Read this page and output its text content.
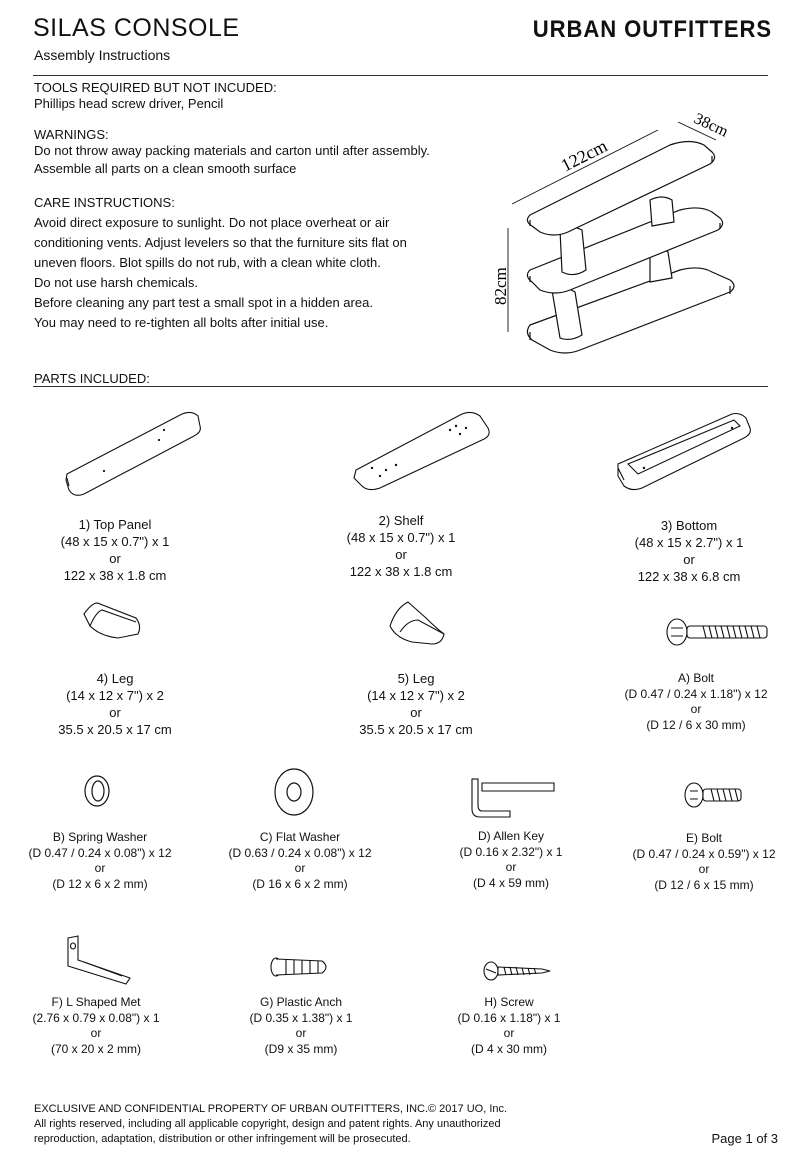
SILAS CONSOLE
Assembly Instructions
URBAN OUTFITTERS
TOOLS REQUIRED BUT NOT INCUDED:
Phillips head screw driver, Pencil
WARNINGS:
Do not throw away packing materials and carton until after assembly.
Assemble all parts on a clean smooth surface
CARE INSTRUCTIONS:

Avoid direct exposure to sunlight. Do not place overheat or air

conditioning vents. Adjust levelers so that the furniture sits flat on

uneven floors. Blot spills do not rub, with a clean white cloth.

Do not use harsh chemicals.

Before cleaning any part test a small spot in a hidden area.

You may need to re-tighten all bolts after initial use.

122cm
38cm
82cm
PARTS INCLUDED:
1) Top Panel
(48 x 15 x 0.7") x 1
or
122 x 38 x 1.8 cm
2) Shelf
(48 x 15 x 0.7") x 1
or
122 x 38 x 1.8 cm
3) Bottom
(48 x 15 x 2.7") x 1
or
122 x 38 x 6.8 cm
4) Leg
(14 x 12 x 7") x 2
or
35.5 x 20.5 x 17 cm
5) Leg
(14 x 12 x 7") x 2
or
35.5 x 20.5 x 17 cm
A) Bolt
(D 0.47 / 0.24 x 1.18") x 12
or
(D 12 / 6 x 30 mm)
B) Spring Washer
(D 0.47 / 0.24 x 0.08") x 12
or
(D 12 x 6 x 2 mm)
C) Flat Washer
(D 0.63 / 0.24 x 0.08") x 12
or
(D 16 x 6 x 2 mm)
D) Allen Key
(D 0.16 x 2.32") x 1
or
(D 4 x 59 mm)
E) Bolt
(D 0.47 / 0.24 x 0.59") x 12
or
(D 12 / 6 x 15 mm)
F) L Shaped Met
(2.76 x 0.79 x 0.08") x 1
or
(70 x 20 x 2 mm)
G) Plastic Anch
(D 0.35 x 1.38") x 1
or
(D9 x 35 mm)
H) Screw
(D 0.16 x 1.18") x 1
or
(D 4 x 30 mm)
EXCLUSIVE AND CONFIDENTIAL PROPERTY OF URBAN OUTFITTERS, INC.© 2017 UO, Inc.
All rights reserved, including all applicable copyright, design and patent rights. Any unauthorized
reproduction, adaptation, distribution or other infringement will be prosecuted.	Page 1 of 3
